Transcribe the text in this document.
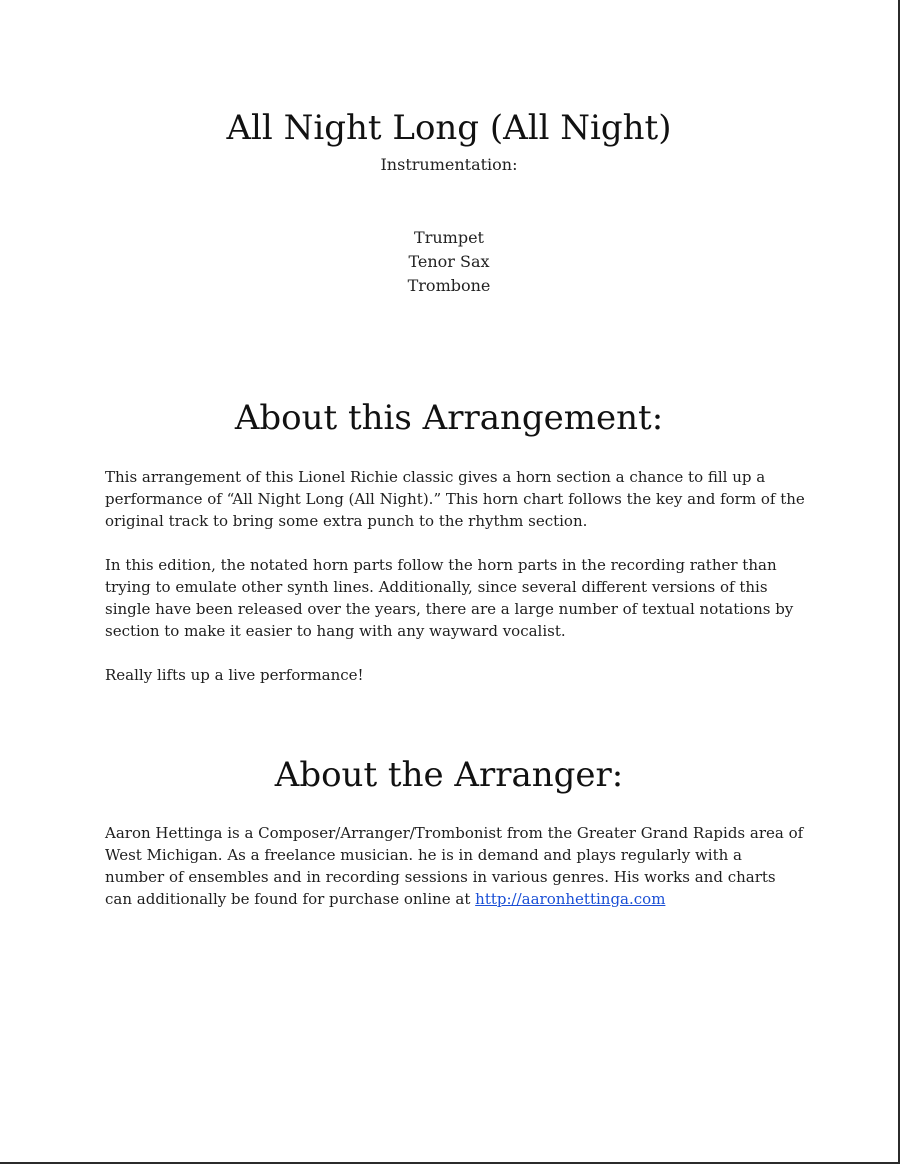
All Night Long (All Night)
Instrumentation:
Trumpet
Tenor Sax
Trombone
About this Arrangement:

This arrangement of this Lionel Richie classic gives a horn section a chance to fill up a performance of “All Night Long (All Night).” This horn chart follows the key and form of the original track to bring some extra punch to the rhythm section.

In this edition, the notated horn parts follow the horn parts in the recording rather than trying to emulate other synth lines. Additionally, since several different versions of this single have been released over the years, there are a large number of textual notations by section to make it easier to hang with any wayward vocalist.

Really lifts up a live performance!

About the Arranger:

Aaron Hettinga is a Composer/Arranger/Trombonist from the Greater Grand Rapids area of West Michigan. As a freelance musician. he is in demand and plays regularly with a number of ensembles and in recording sessions in various genres. His works and charts can additionally be found for purchase online at http://aaronhettinga.com
